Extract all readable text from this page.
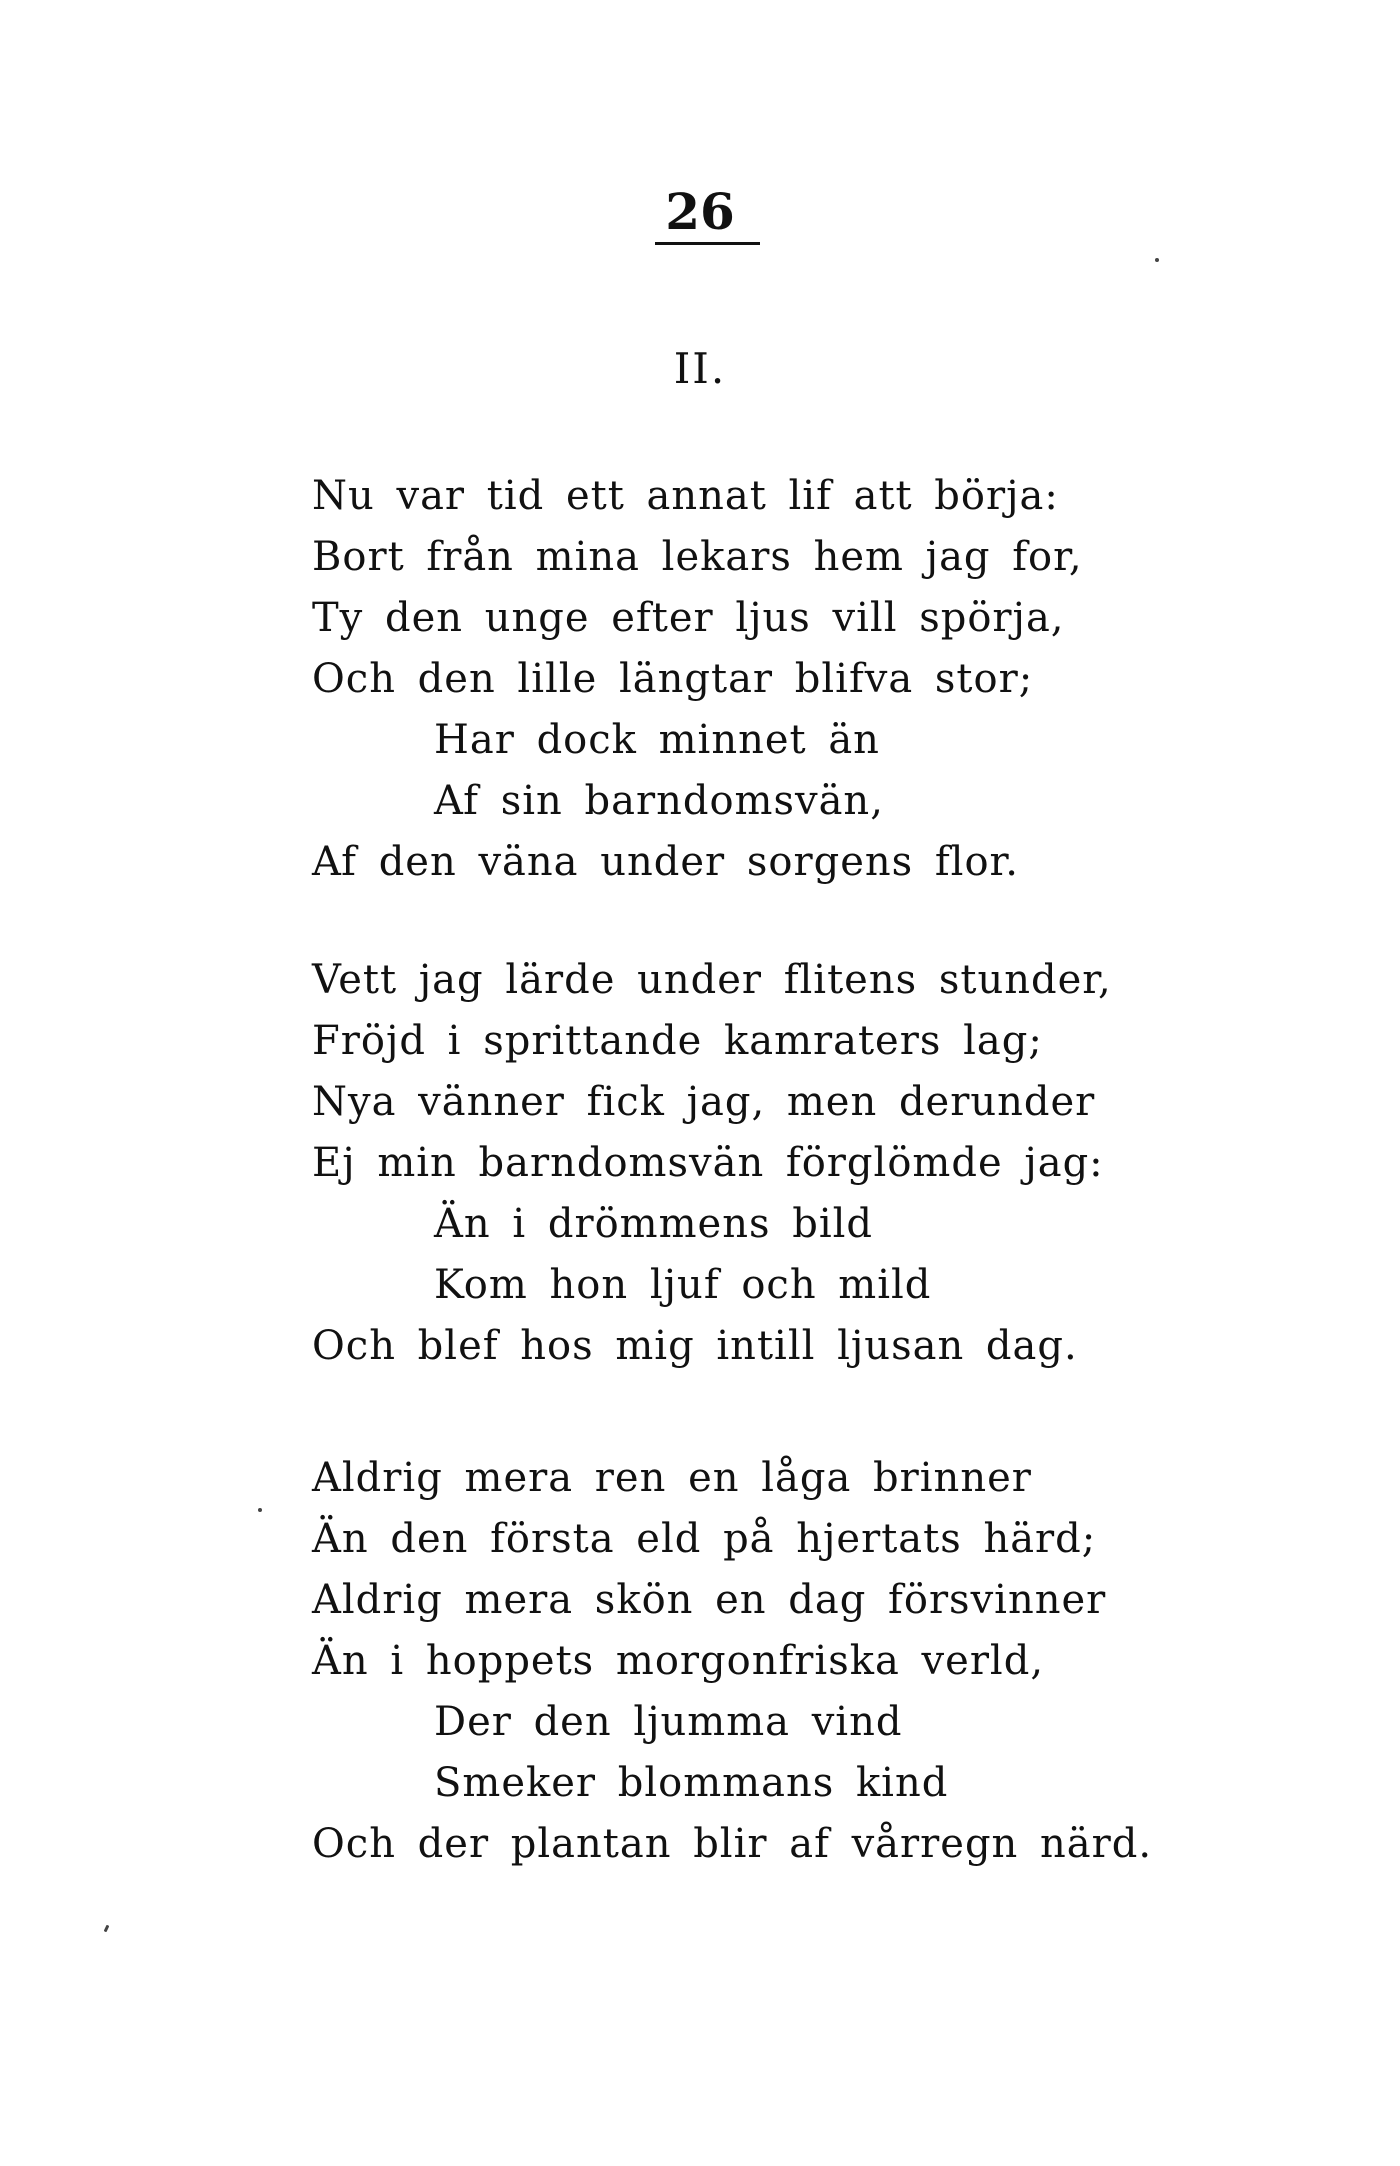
26
II.
Nu var tid ett annat lif att börja:
Bort från mina lekars hem jag for,
Ty den unge efter ljus vill spörja,
Och den lille längtar blifva stor;
Har dock minnet än
Af sin barndomsvän,
Af den väna under sorgens flor.
Vett jag lärde under flitens stunder,
Fröjd i sprittande kamraters lag;
Nya vänner fick jag, men derunder
Ej min barndomsvän förglömde jag:
Än i drömmens bild
Kom hon ljuf och mild
Och blef hos mig intill ljusan dag.
Aldrig mera ren en låga brinner
Än den första eld på hjertats härd;
Aldrig mera skön en dag försvinner
Än i hoppets morgonfriska verld,
Der den ljumma vind
Smeker blommans kind
Och der plantan blir af vårregn närd.
